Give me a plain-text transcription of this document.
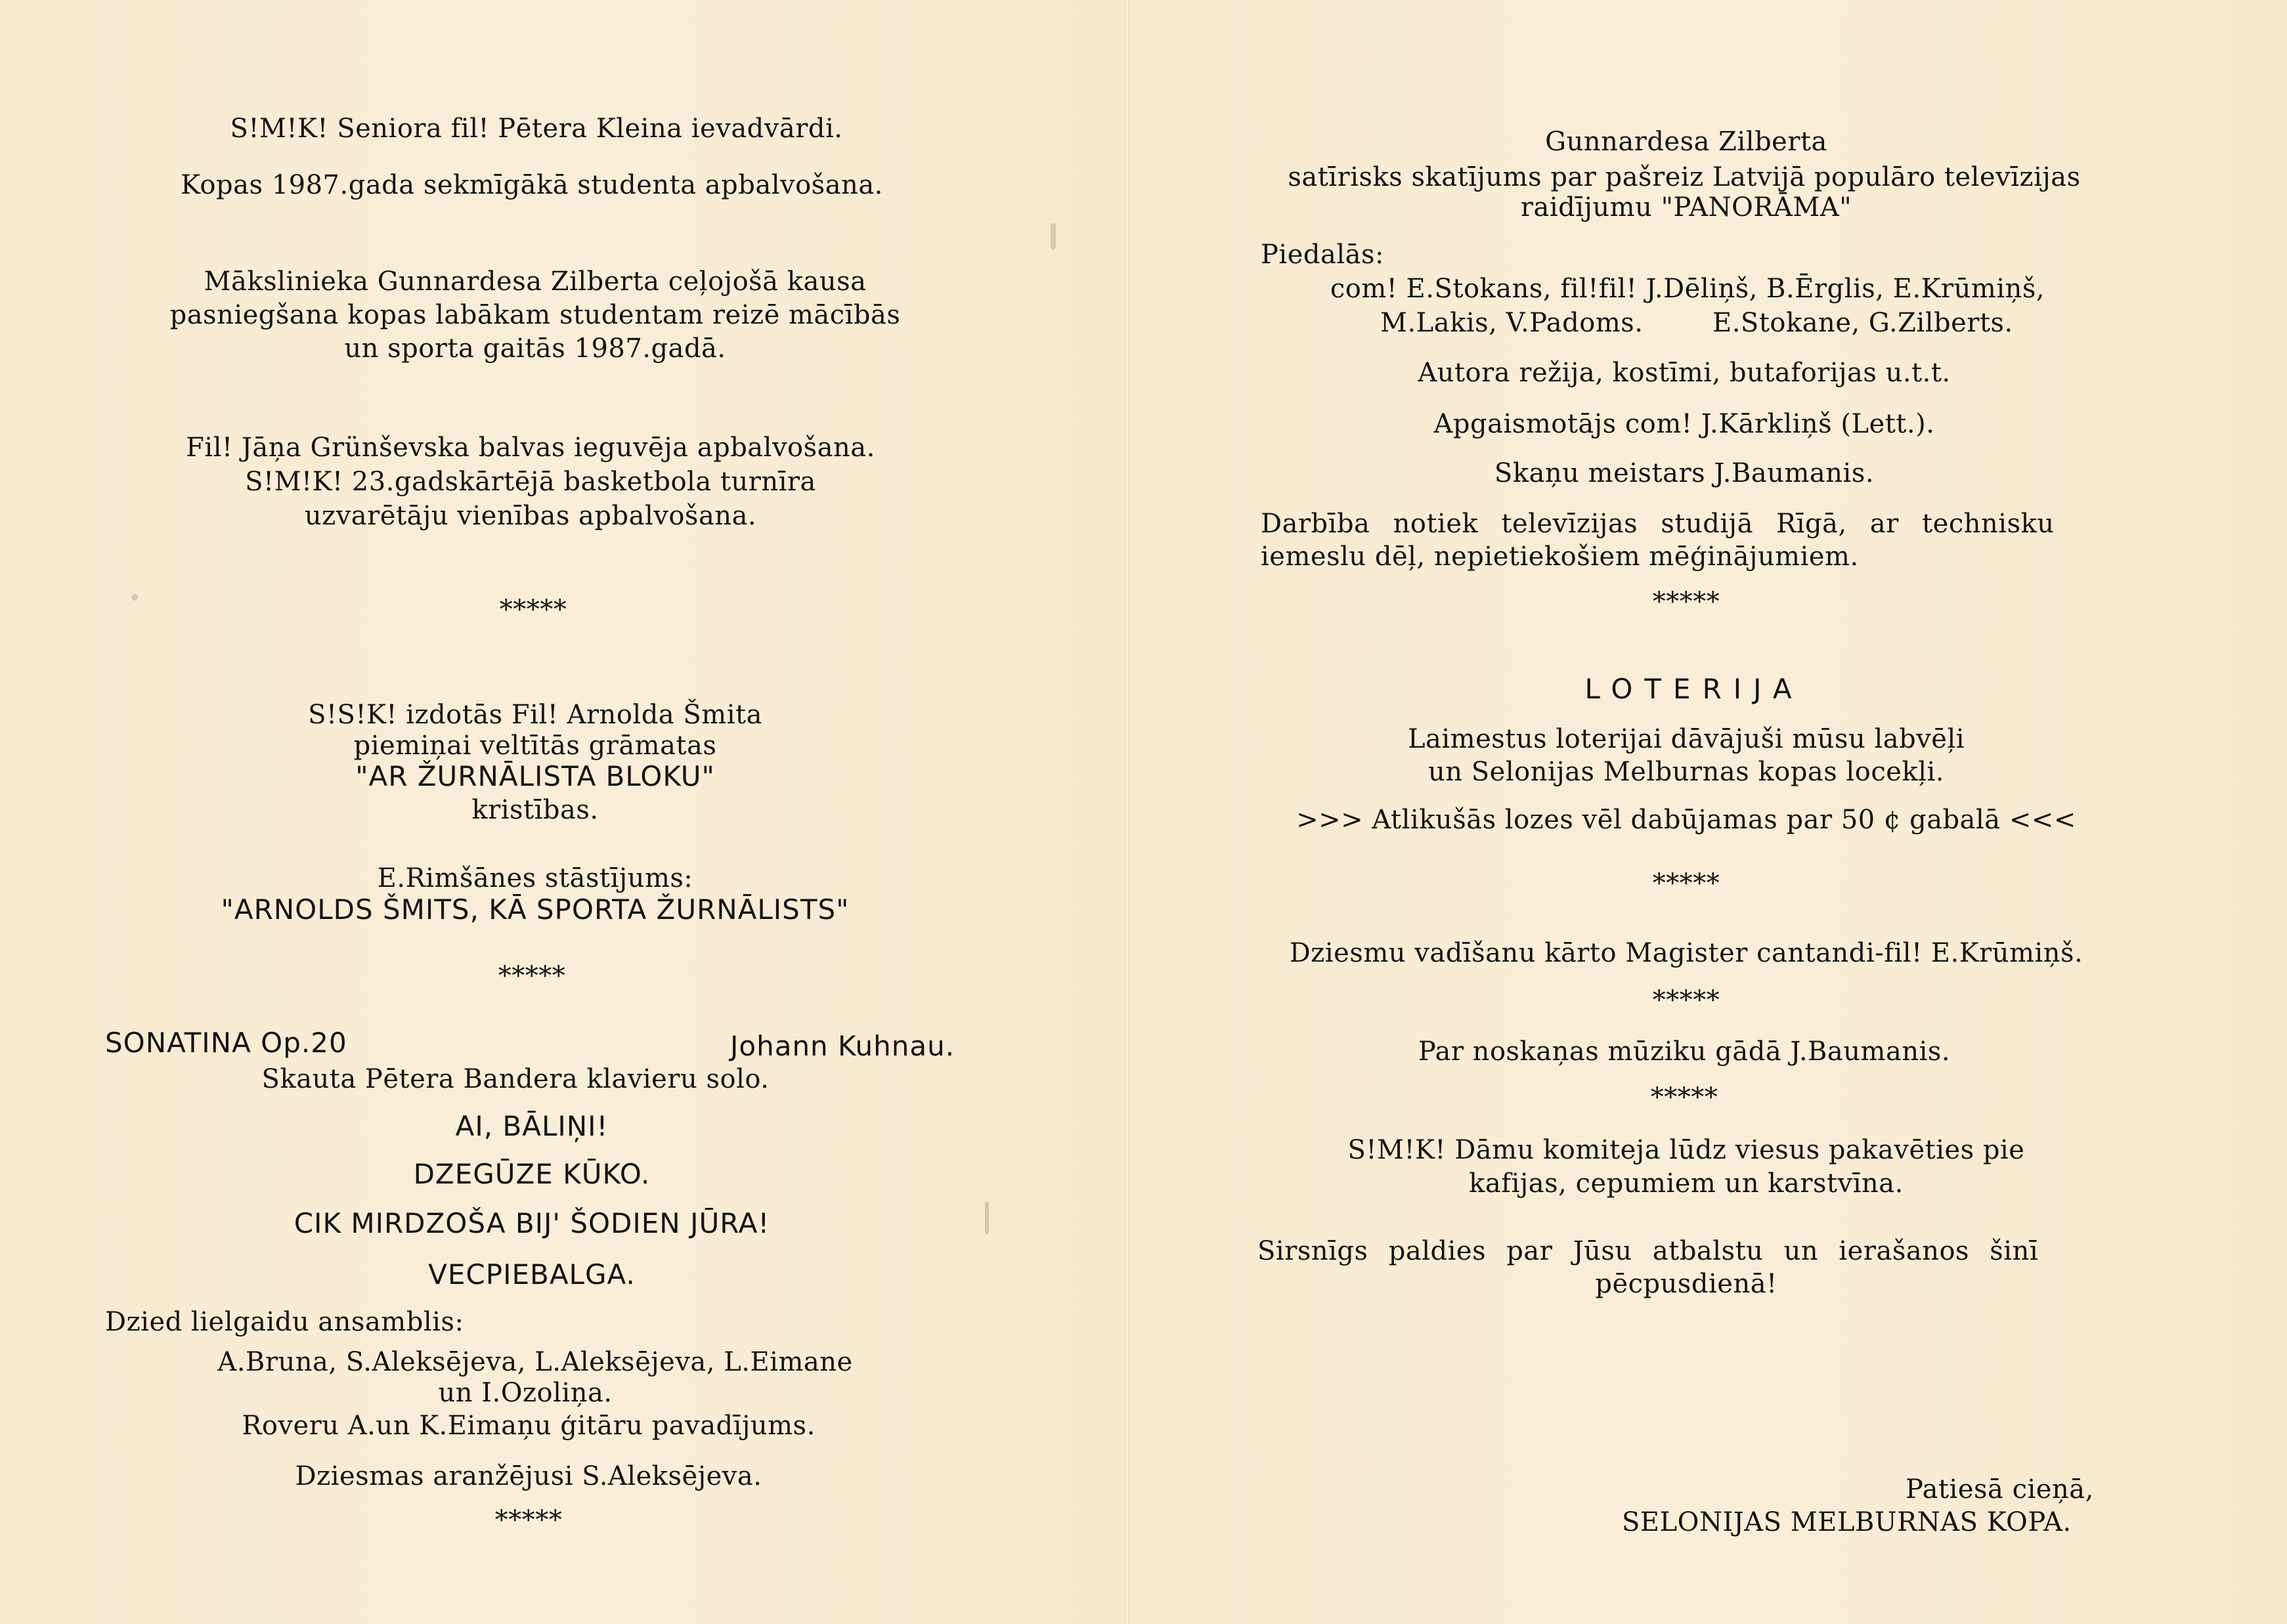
S!M!K! Seniora fil! Pētera Kleina ievadvārdi.
Kopas 1987.gada sekmīgākā studenta apbalvošana.
Mākslinieka Gunnardesa Zilberta ceļojošā kausa
pasniegšana kopas labākam studentam reizē mācībās
un sporta gaitās 1987.gadā.
Fil! Jāņa Grünševska balvas ieguvēja apbalvošana.
S!M!K! 23.gadskārtējā basketbola turnīra
uzvarētāju vienības apbalvošana.
*****
S!S!K! izdotās Fil! Arnolda Šmita
piemiņai veltītās grāmatas
"AR ŽURNĀLISTA BLOKU"
kristības.
E.Rimšānes stāstījums:
"ARNOLDS ŠMITS, KĀ SPORTA ŽURNĀLISTS"
*****
SONATINA Op.20	Johann Kuhnau.
Skauta Pētera Bandera klavieru solo.
AI, BĀLIŅI!
DZEGŪZE KŪKO.
CIK MIRDZOŠA BIJ' ŠODIEN JŪRA!
VECPIEBALGA.
Dzied lielgaidu ansamblis:
A.Bruna, S.Aleksējeva, L.Aleksējeva, L.Eimane
un I.Ozoliņa.
Roveru A.un K.Eimaņu ģitāru pavadījums.
Dziesmas aranžējusi S.Aleksējeva.
*****
Gunnardesa Zilberta
satīrisks skatījums par pašreiz Latvijā populāro televīzijas
raidījumu "PANORĀMA"
Piedalās:
com! E.Stokans, fil!fil! J.Dēliņš, B.Ērglis, E.Krūmiņš,
M.Lakis, V.Padoms.	E.Stokane, G.Zilberts.
Autora režija, kostīmi, butaforijas u.t.t.
Apgaismotājs com! J.Kārkliņš (Lett.).
Skaņu meistars J.Baumanis.
Darbība notiek televīzijas studijā Rīgā, ar technisku
iemeslu dēļ, nepietiekošiem mēģinājumiem.
*****
LOTERIJA
Laimestus loterijai dāvājuši mūsu labvēļi
un Selonijas Melburnas kopas locekļi.
>>> Atlikušās lozes vēl dabūjamas par 50 ¢ gabalā <<<
*****
Dziesmu vadīšanu kārto Magister cantandi-fil! E.Krūmiņš.
*****
Par noskaņas mūziku gādā J.Baumanis.
*****
S!M!K! Dāmu komiteja lūdz viesus pakavēties pie
kafijas, cepumiem un karstvīna.
Sirsnīgs paldies par Jūsu atbalstu un ierašanos šinī
pēcpusdienā!
Patiesā cieņā,
SELONIJAS MELBURNAS KOPA.
